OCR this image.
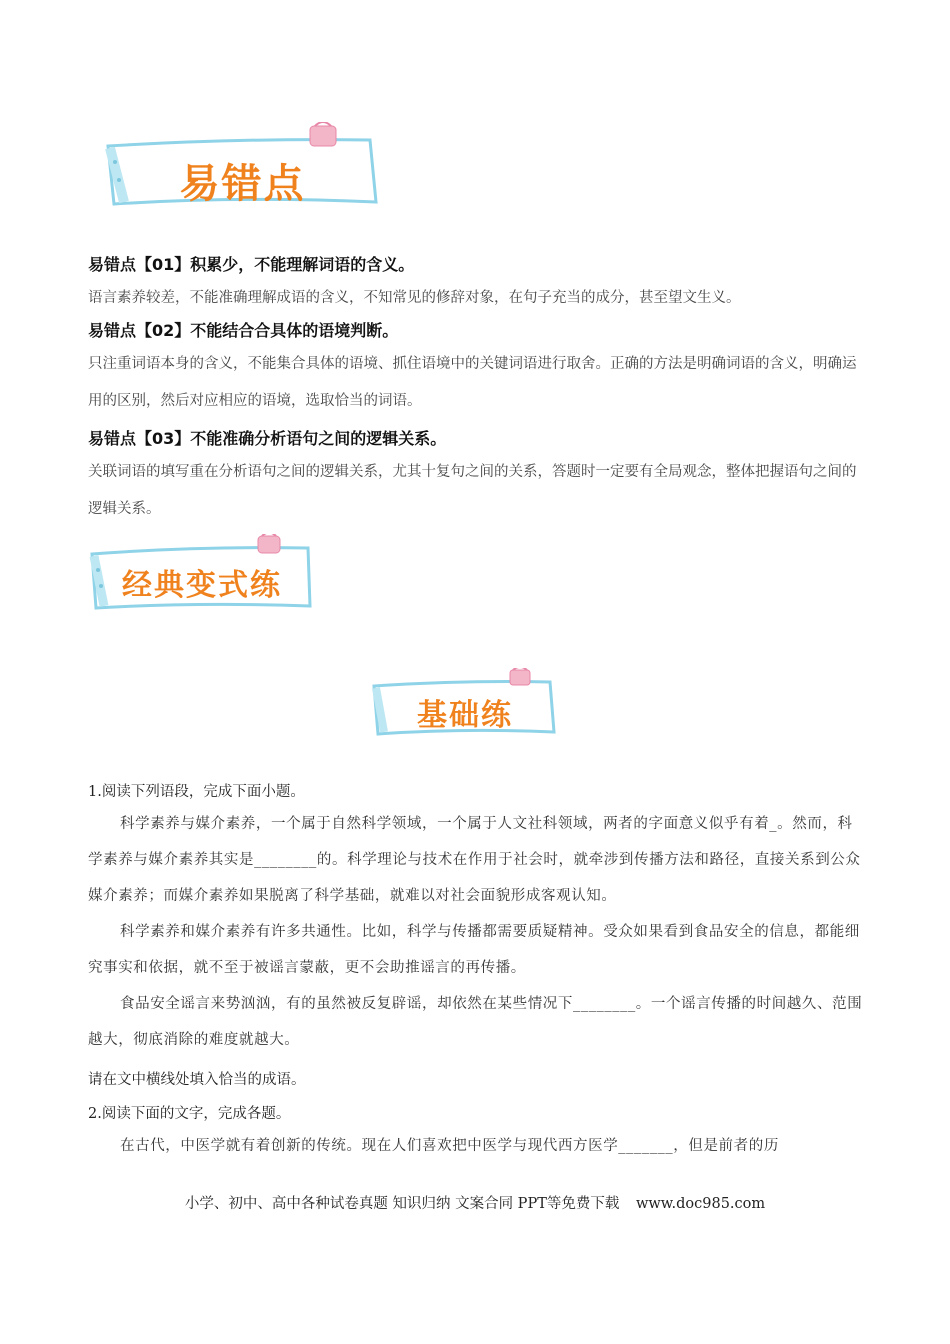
易错点
易错点【01】积累少，不能理解词语的含义。
语言素养较差，不能准确理解成语的含义，不知常见的修辞对象，在句子充当的成分，甚至望文生义。
易错点【02】不能结合合具体的语境判断。
只注重词语本身的含义，不能集合具体的语境、抓住语境中的关键词语进行取舍。正确的方法是明确词语的含义，明确运用的区别，然后对应相应的语境，选取恰当的词语。
易错点【03】不能准确分析语句之间的逻辑关系。
关联词语的填写重在分析语句之间的逻辑关系，尤其十复句之间的关系，答题时一定要有全局观念，整体把握语句之间的逻辑关系。
经典变式练
基础练
1.阅读下列语段，完成下面小题。

科学素养与媒介素养，一个属于自然科学领域，一个属于人文社科领域，两者的字面意义似乎有着_。然而，科学素养与媒介素养其实是________的。科学理论与技术在作用于社会时，就牵涉到传播方法和路径，直接关系到公众媒介素养；而媒介素养如果脱离了科学基础，就难以对社会面貌形成客观认知。

科学素养和媒介素养有许多共通性。比如，科学与传播都需要质疑精神。受众如果看到食品安全的信息，都能细究事实和依据，就不至于被谣言蒙蔽，更不会助推谣言的再传播。

食品安全谣言来势汹汹，有的虽然被反复辟谣，却依然在某些情况下________。一个谣言传播的时间越久、范围越大，彻底消除的难度就越大。

请在文中横线处填入恰当的成语。
2.阅读下面的文字，完成各题。

在古代，中医学就有着创新的传统。现在人们喜欢把中医学与现代西方医学_______，但是前者的历

小学、初中、高中各种试卷真题 知识归纳 文案合同 PPT等免费下载 www.doc985.com
